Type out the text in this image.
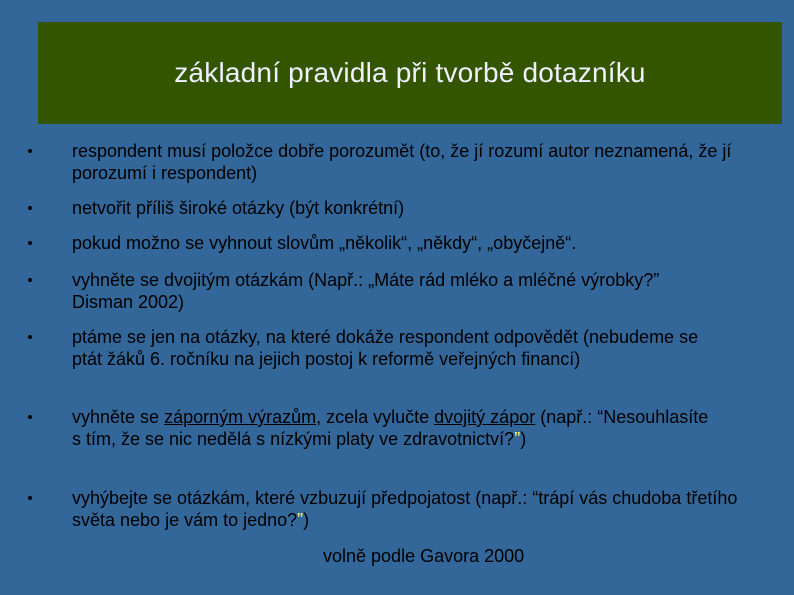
základní pravidla při tvorbě dotazníku
respondent musí položce dobře porozumět (to, že jí rozumí autor neznamená, že jí porozumí i respondent)
netvořit příliš široké otázky (být konkrétní)
pokud možno se vyhnout slovům „několik“, „někdy“, „obyčejně“.
vyhněte se dvojitým otázkám (Např.: „Máte rád mléko a mléčné výrobky?” Disman 2002)
ptáme se jen na otázky, na které dokáže respondent odpovědět (nebudeme se ptát žáků 6. ročníku na jejich postoj k reformě veřejných financí)
vyhněte se záporným výrazům, zcela vylučte dvojitý zápor (např.: “Nesouhlasíte s tím, že se nic nedělá s nízkými platy ve zdravotnictví?”)
vyhýbejte se otázkám, které vzbuzují předpojatost (např.: “trápí vás chudoba třetího světa nebo je vám to jedno?”)
volně podle Gavora 2000
